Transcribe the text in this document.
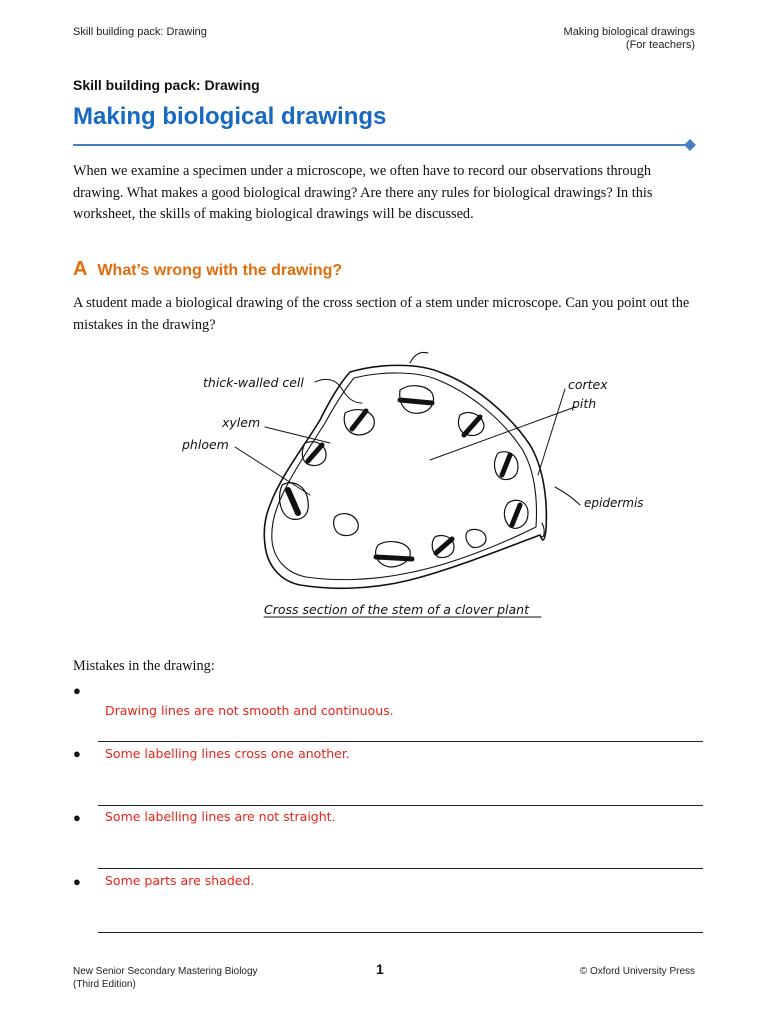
Skill building pack: Drawing	Making biological drawings
(For teachers)
Skill building pack: Drawing
Making biological drawings
When we examine a specimen under a microscope, we often have to record our observations through drawing. What makes a good biological drawing? Are there any rules for biological drawings? In this worksheet, the skills of making biological drawings will be discussed.
A What’s wrong with the drawing?
A student made a biological drawing of the cross section of a stem under microscope. Can you point out the mistakes in the drawing?
thick-walled cell
xylem
phloem
cortex
pith
epidermis
Cross section of the stem of a clover plant
Mistakes in the drawing:
●
Drawing lines are not smooth and continuous.
● Some labelling lines cross one another.
● Some labelling lines are not straight.
● Some parts are shaded.
New Senior Secondary Mastering Biology
(Third Edition)
1	© Oxford University Press
